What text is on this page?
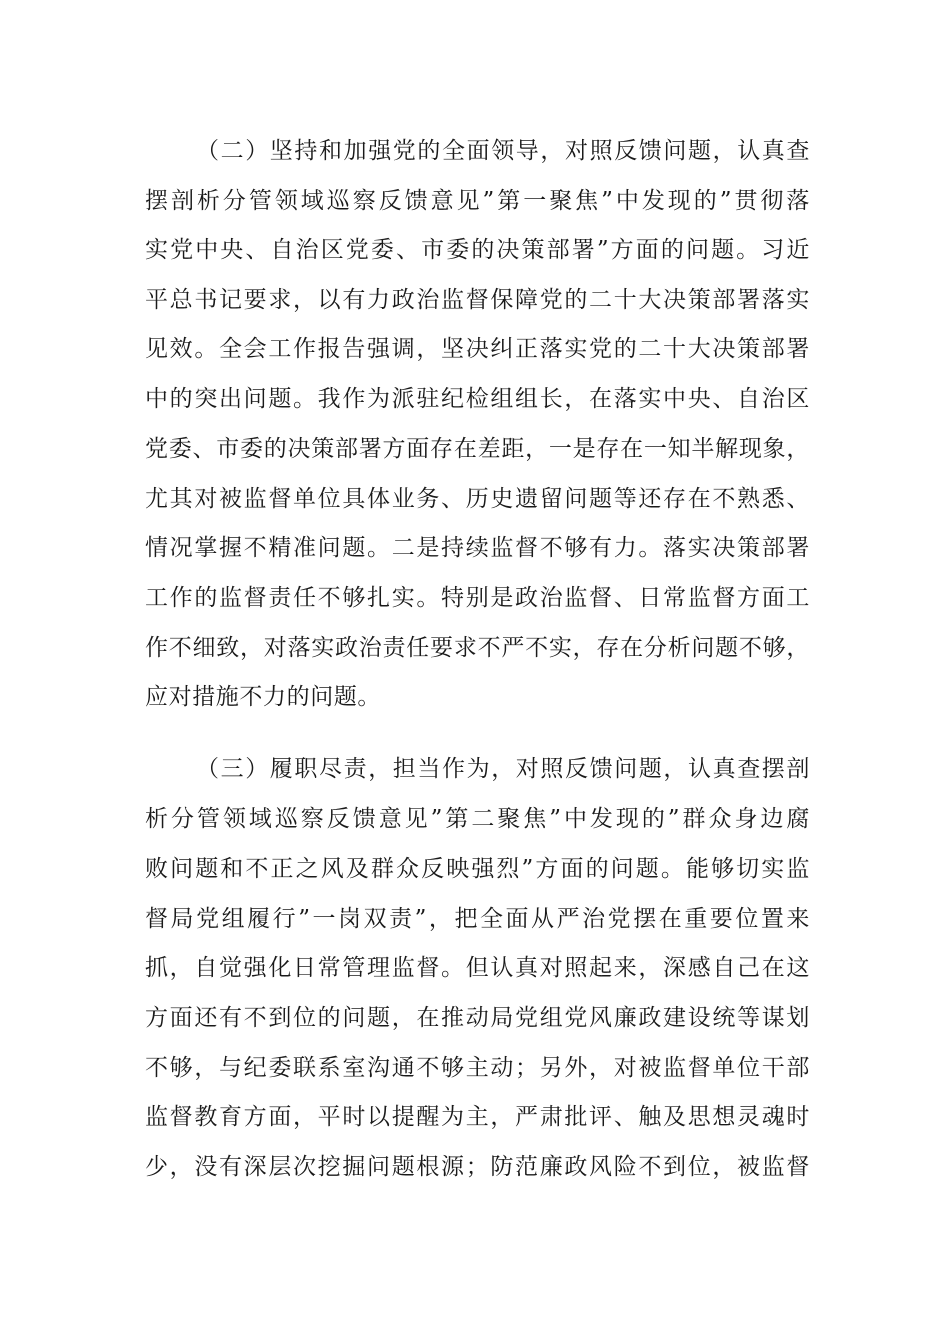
（二）坚持和加强党的全面领导，对照反馈问题，认真查
摆剖析分管领域巡察反馈意见”第一聚焦”中发现的”贯彻落
实党中央、自治区党委、市委的决策部署”方面的问题。习近
平总书记要求，以有力政治监督保障党的二十大决策部署落实
见效。全会工作报告强调，坚决纠正落实党的二十大决策部署
中的突出问题。我作为派驻纪检组组长，在落实中央、自治区
党委、市委的决策部署方面存在差距，一是存在一知半解现象，
尤其对被监督单位具体业务、历史遗留问题等还存在不熟悉、
情况掌握不精准问题。二是持续监督不够有力。落实决策部署
工作的监督责任不够扎实。特别是政治监督、日常监督方面工
作不细致，对落实政治责任要求不严不实，存在分析问题不够，
应对措施不力的问题。
（三）履职尽责，担当作为，对照反馈问题，认真查摆剖
析分管领域巡察反馈意见”第二聚焦”中发现的”群众身边腐
败问题和不正之风及群众反映强烈”方面的问题。能够切实监
督局党组履行”一岗双责”，把全面从严治党摆在重要位置来
抓，自觉强化日常管理监督。但认真对照起来，深感自己在这
方面还有不到位的问题，在推动局党组党风廉政建设统等谋划
不够，与纪委联系室沟通不够主动；另外，对被监督单位干部
监督教育方面，平时以提醒为主，严肃批评、触及思想灵魂时
少，没有深层次挖掘问题根源；防范廉政风险不到位，被监督
